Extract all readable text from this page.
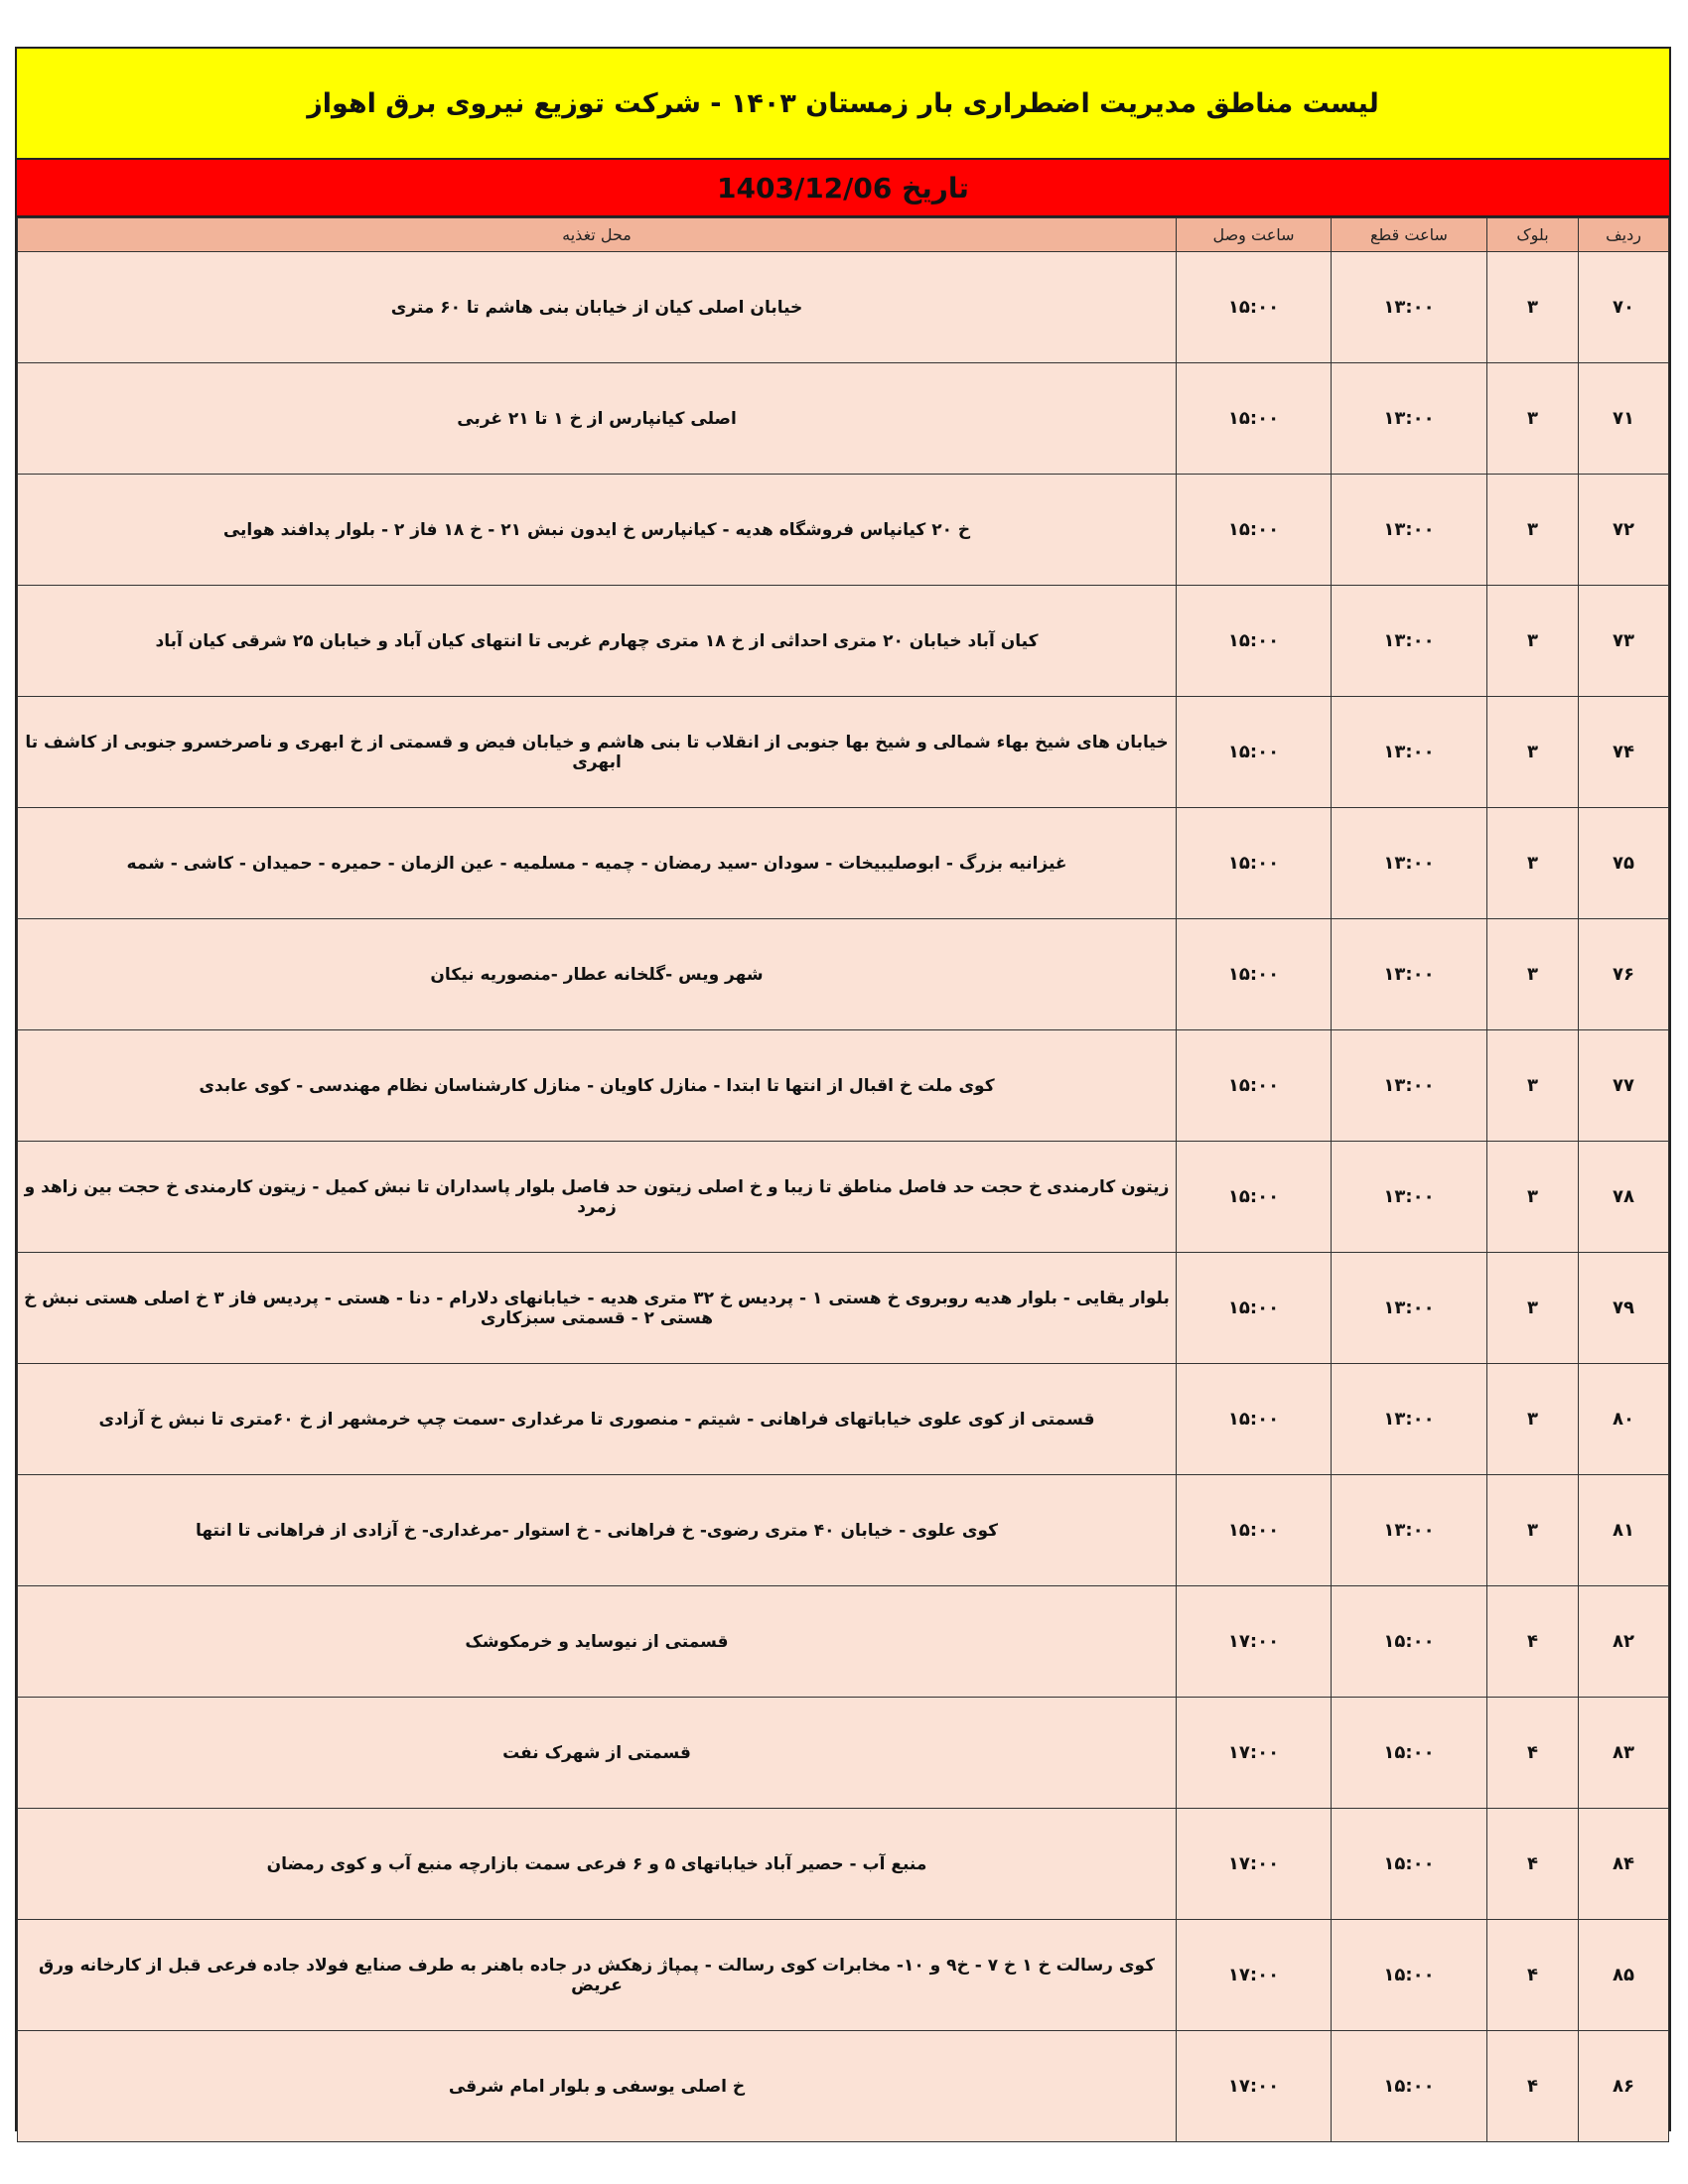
لیست مناطق مدیریت اضطراری بار زمستان ۱۴۰۳ - شرکت توزیع نیروی برق اهواز
تاریخ 1403/12/06
ردیف	بلوک	ساعت قطع	ساعت وصل	محل تغذیه
۷۰	۳	۱۳:۰۰	۱۵:۰۰	خیابان اصلی کیان از خیابان بنی هاشم تا ۶۰ متری
۷۱	۳	۱۳:۰۰	۱۵:۰۰	اصلی کیانپارس از خ ۱ تا ۲۱ غربی
۷۲	۳	۱۳:۰۰	۱۵:۰۰	خ ۲۰ کیانپاس فروشگاه هدیه - کیانپارس خ ایدون نبش ۲۱ - خ ۱۸ فاز ۲ - بلوار پدافند هوایی
۷۳	۳	۱۳:۰۰	۱۵:۰۰	کیان آباد خیابان ۲۰ متری احداثی از خ ۱۸ متری چهارم غربی تا انتهای کیان آباد و خیابان ۲۵ شرقی کیان آباد
۷۴	۳	۱۳:۰۰	۱۵:۰۰	خیابان های شیخ بهاء شمالی و شیخ بها جنوبی از انقلاب تا بنی هاشم و خیابان فیض و قسمتی از خ ابهری و ناصرخسرو جنوبی از کاشف تا ابهری
۷۵	۳	۱۳:۰۰	۱۵:۰۰	غیزانیه بزرگ - ابوصلیبیخات - سودان -سید رمضان - چمیه - مسلمیه - عین الزمان - حمیره - حمیدان - کاشی - شمه
۷۶	۳	۱۳:۰۰	۱۵:۰۰	شهر ویس -گلخانه عطار -منصوریه نیکان
۷۷	۳	۱۳:۰۰	۱۵:۰۰	کوی ملت خ اقبال از انتها تا ابتدا - منازل کاویان - منازل کارشناسان نظام مهندسی - کوی عابدی
۷۸	۳	۱۳:۰۰	۱۵:۰۰	زیتون کارمندی خ حجت حد فاصل مناطق تا زیبا و خ اصلی زیتون حد فاصل بلوار پاسداران تا نبش کمیل - زیتون کارمندی خ حجت بین زاهد و زمرد
۷۹	۳	۱۳:۰۰	۱۵:۰۰	بلوار یقایی - بلوار هدیه روبروی خ هستی ۱ - پردیس خ ۳۲ متری هدیه - خیابانهای دلارام - دنا - هستی - پردیس فاز ۳ خ اصلی هستی نبش خ هستی ۲ - قسمتی سبزکاری
۸۰	۳	۱۳:۰۰	۱۵:۰۰	قسمتی از کوی علوی خیاباتهای فراهانی - شیتم - منصوری تا مرغداری -سمت چپ خرمشهر از خ ۶۰متری تا نبش خ آزادی
۸۱	۳	۱۳:۰۰	۱۵:۰۰	کوی علوی - خیابان ۴۰ متری رضوی- خ فراهانی - خ استوار -مرغداری- خ آزادی از فراهانی تا انتها
۸۲	۴	۱۵:۰۰	۱۷:۰۰	قسمتی از نیوساید و خرمکوشک
۸۳	۴	۱۵:۰۰	۱۷:۰۰	قسمتی از شهرک نفت
۸۴	۴	۱۵:۰۰	۱۷:۰۰	منبع آب - حصیر آباد خیاباتهای ۵ و ۶ فرعی سمت بازارچه منبع آب و کوی رمضان
۸۵	۴	۱۵:۰۰	۱۷:۰۰	کوی رسالت خ ۱ خ ۷ - خ۹ و ۱۰- مخابرات کوی رسالت - پمپاژ زهکش در جاده باهنر به طرف صنایع فولاد جاده فرعی قبل از کارخانه ورق عریض
۸۶	۴	۱۵:۰۰	۱۷:۰۰	خ اصلی یوسفی و بلوار امام شرقی
